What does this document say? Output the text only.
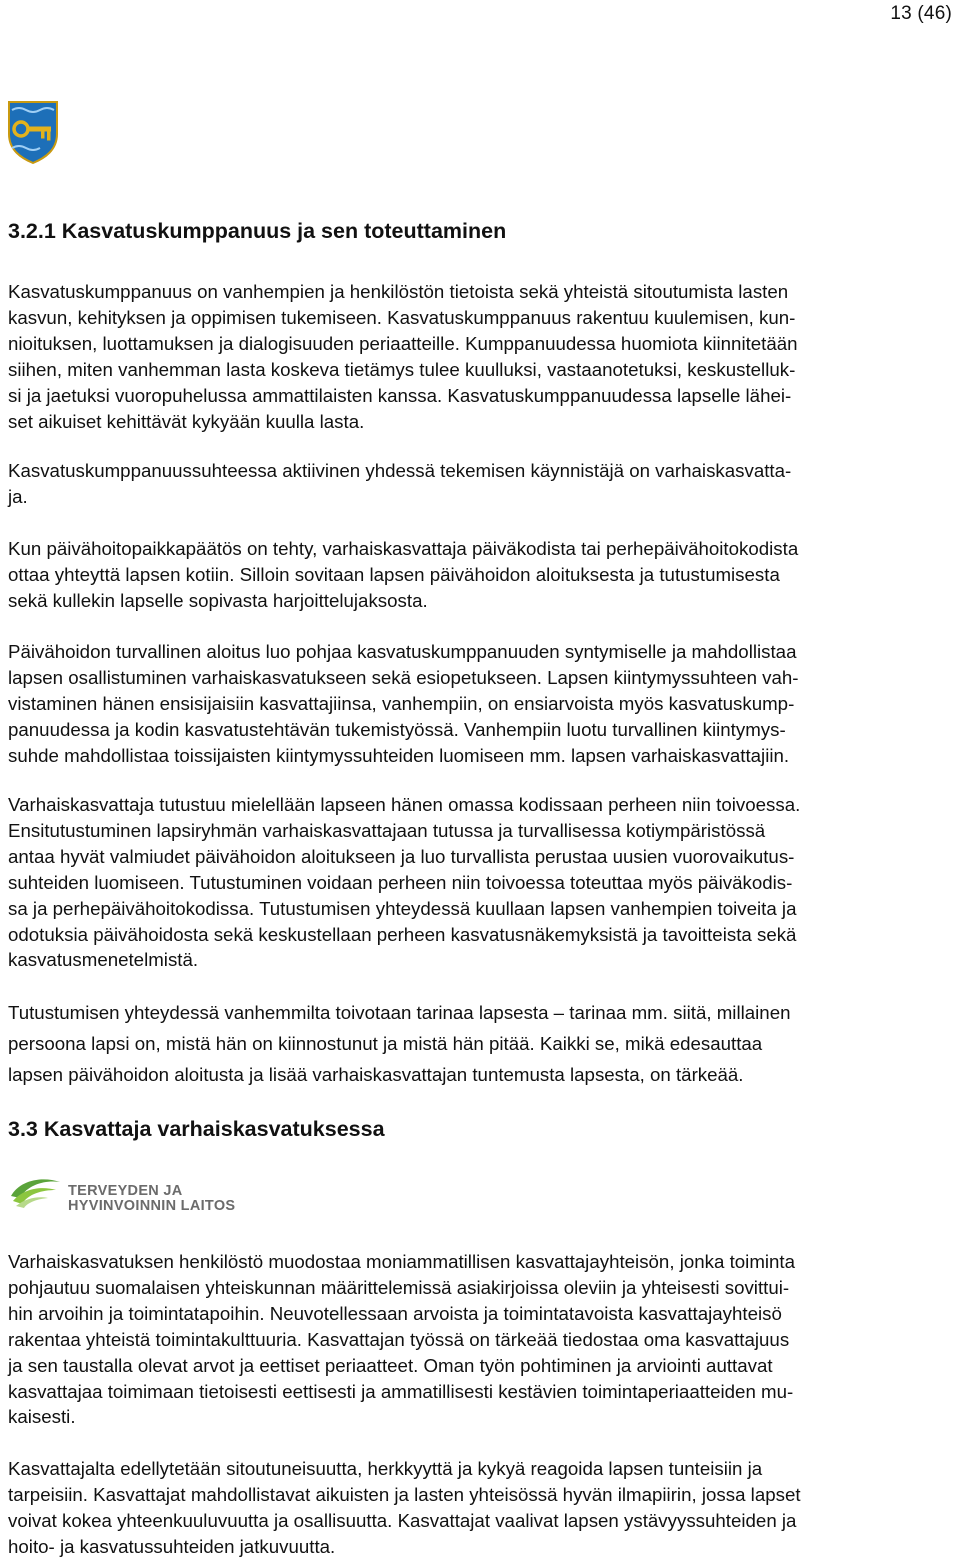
13 (46)
3.2.1 Kasvatuskumppanuus ja sen toteuttaminen

Kasvatuskumppanuus on vanhempien ja henkilöstön tietoista sekä yhteistä sitoutumista lasten
kasvun, kehityksen ja oppimisen tukemiseen. Kasvatuskumppanuus rakentuu kuulemisen, kun-
nioituksen, luottamuksen ja dialogisuuden periaatteille. Kumppanuudessa huomiota kiinnitetään
siihen, miten vanhemman lasta koskeva tietämys tulee kuulluksi, vastaanotetuksi, keskustelluk-
si ja jaetuksi vuoropuhelussa ammattilaisten kanssa. Kasvatuskumppanuudessa lapselle lähei-
set aikuiset kehittävät kykyään kuulla lasta.

Kasvatuskumppanuussuhteessa aktiivinen yhdessä tekemisen käynnistäjä on varhaiskasvatta-
ja.

Kun päivähoitopaikkapäätös on tehty, varhaiskasvattaja päiväkodista tai perhepäivähoitokodista
ottaa yhteyttä lapsen kotiin. Silloin sovitaan lapsen päivähoidon aloituksesta ja tutustumisesta
sekä kullekin lapselle sopivasta harjoittelujaksosta.

Päivähoidon turvallinen aloitus luo pohjaa kasvatuskumppanuuden syntymiselle ja mahdollistaa
lapsen osallistuminen varhaiskasvatukseen sekä esiopetukseen. Lapsen kiintymyssuhteen vah-
vistaminen hänen ensisijaisiin kasvattajiinsa, vanhempiin, on ensiarvoista myös kasvatuskump-
panuudessa ja kodin kasvatustehtävän tukemistyössä. Vanhempiin luotu turvallinen kiintymys-
suhde mahdollistaa toissijaisten kiintymyssuhteiden luomiseen mm. lapsen varhaiskasvattajiin.

Varhaiskasvattaja tutustuu mielellään lapseen hänen omassa kodissaan perheen niin toivoessa.
Ensitutustuminen lapsiryhmän varhaiskasvattajaan tutussa ja turvallisessa kotiympäristössä
antaa hyvät valmiudet päivähoidon aloitukseen ja luo turvallista perustaa uusien vuorovaikutus-
suhteiden luomiseen. Tutustuminen voidaan perheen niin toivoessa toteuttaa myös päiväkodis-
sa ja perhepäivähoitokodissa. Tutustumisen yhteydessä kuullaan lapsen vanhempien toiveita ja
odotuksia päivähoidosta sekä keskustellaan perheen kasvatusnäkemyksistä ja tavoitteista sekä
kasvatusmenetelmistä.

Tutustumisen yhteydessä vanhemmilta toivotaan tarinaa lapsesta – tarinaa mm. siitä, millainen
persoona lapsi on, mistä hän on kiinnostunut ja mistä hän pitää. Kaikki se, mikä edesauttaa
lapsen päivähoidon aloitusta ja lisää varhaiskasvattajan tuntemusta lapsesta, on tärkeää.

3.3 Kasvattaja varhaiskasvatuksessa
TERVEYDEN JA
HYVINVOINNIN LAITOS

Varhaiskasvatuksen henkilöstö muodostaa moniammatillisen kasvattajayhteisön, jonka toiminta
pohjautuu suomalaisen yhteiskunnan määrittelemissä asiakirjoissa oleviin ja yhteisesti sovittui-
hin arvoihin ja toimintatapoihin. Neuvotellessaan arvoista ja toimintatavoista kasvattajayhteisö
rakentaa yhteistä toimintakulttuuria. Kasvattajan työssä on tärkeää tiedostaa oma kasvattajuus
ja sen taustalla olevat arvot ja eettiset periaatteet. Oman työn pohtiminen ja arviointi auttavat
kasvattajaa toimimaan tietoisesti eettisesti ja ammatillisesti kestävien toimintaperiaatteiden mu-
kaisesti.

Kasvattajalta edellytetään sitoutuneisuutta, herkkyyttä ja kykyä reagoida lapsen tunteisiin ja
tarpeisiin. Kasvattajat mahdollistavat aikuisten ja lasten yhteisössä hyvän ilmapiirin, jossa lapset
voivat kokea yhteenkuuluvuutta ja osallisuutta. Kasvattajat vaalivat lapsen ystävyyssuhteiden ja
hoito- ja kasvatussuhteiden jatkuvuutta.
